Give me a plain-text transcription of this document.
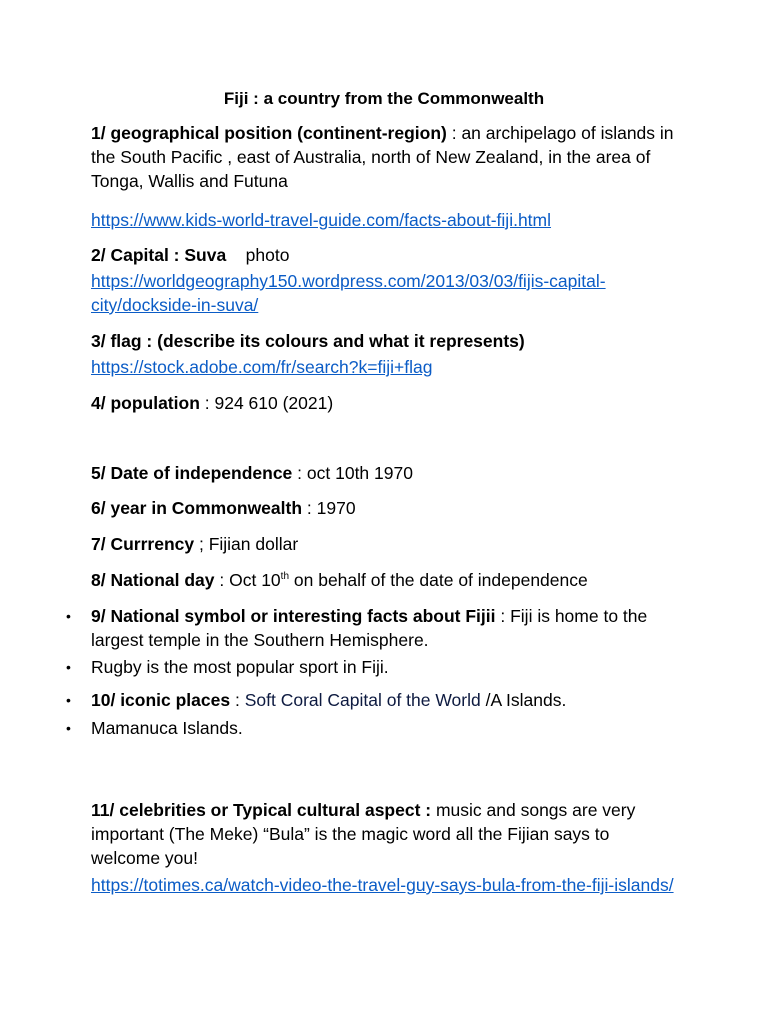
Fiji : a country from the Commonwealth
1/ geographical position (continent-region) : an archipelago of islands in the South Pacific , east of Australia, north of New Zealand, in the area of Tonga, Wallis and Futuna
https://www.kids-world-travel-guide.com/facts-about-fiji.html
2/ Capital : Suva photo
https://worldgeography150.wordpress.com/2013/03/03/fijis-capital-city/dockside-in-suva/
3/ flag : (describe its colours and what it represents)
https://stock.adobe.com/fr/search?k=fiji+flag
4/ population : 924 610 (2021)
5/ Date of independence : oct 10th 1970
6/ year in Commonwealth : 1970
7/ Currrency ; Fijian dollar
8/ National day : Oct 10th on behalf of the date of independence
• 9/ National symbol or interesting facts about Fijii : Fiji is home to the largest temple in the Southern Hemisphere.
• Rugby is the most popular sport in Fiji.
• 10/ iconic places : Soft Coral Capital of the World /A Islands.
• Mamanuca Islands.
11/ celebrities or Typical cultural aspect : music and songs are very important (The Meke) “Bula” is the magic word all the Fijian says to welcome you!
https://totimes.ca/watch-video-the-travel-guy-says-bula-from-the-fiji-islands/
